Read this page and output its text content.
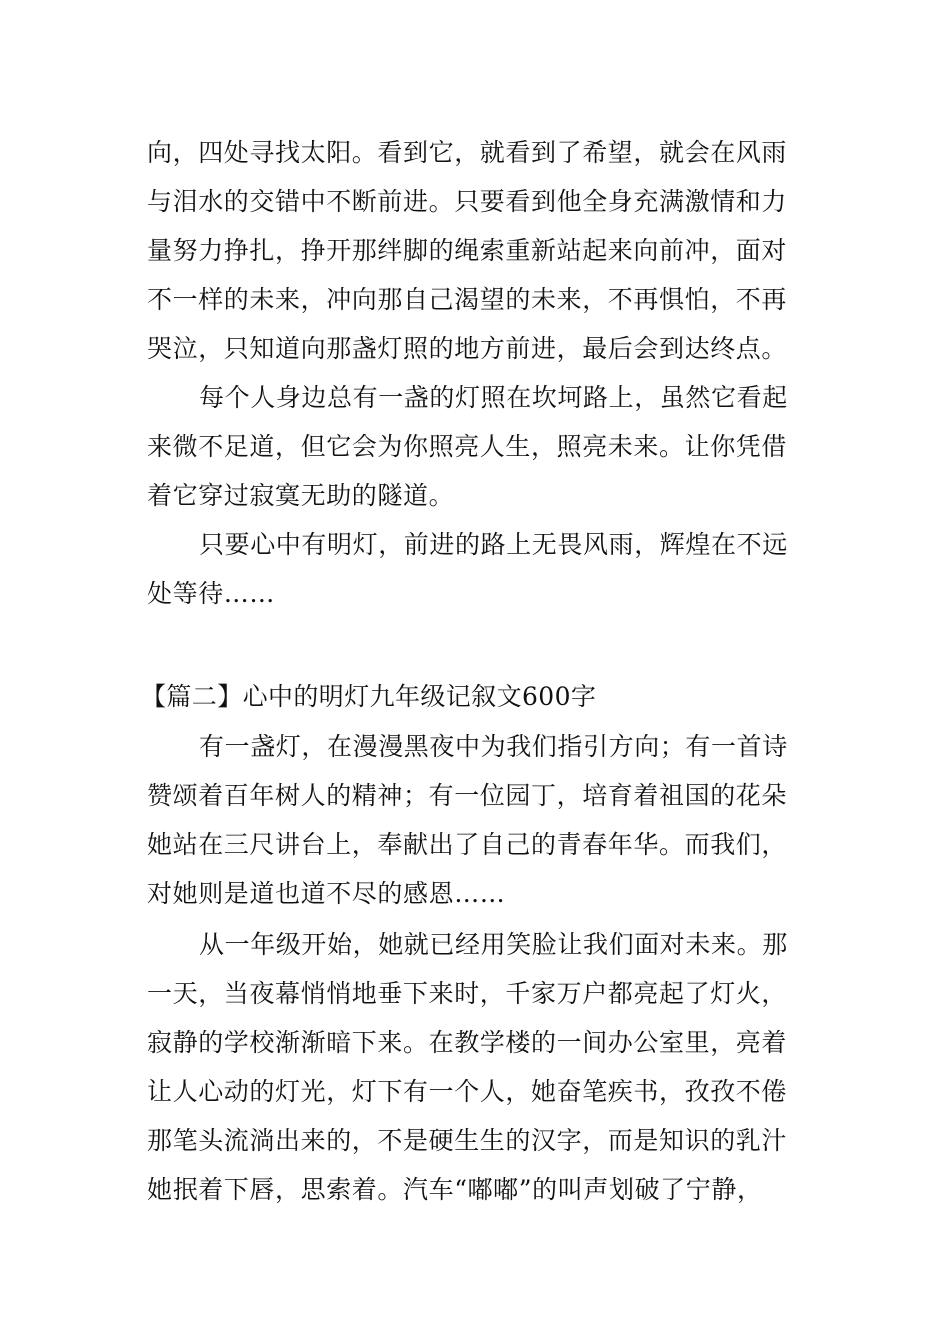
向，四处寻找太阳。看到它，就看到了希望，就会在风雨
与泪水的交错中不断前进。只要看到他全身充满激情和力
量努力挣扎，挣开那绊脚的绳索重新站起来向前冲，面对
不一样的未来，冲向那自己渴望的未来，不再惧怕，不再
哭泣，只知道向那盏灯照的地方前进，最后会到达终点。
每个人身边总有一盏的灯照在坎坷路上，虽然它看起
来微不足道，但它会为你照亮人生，照亮未来。让你凭借
着它穿过寂寞无助的隧道。
只要心中有明灯，前进的路上无畏风雨，辉煌在不远
处等待……
【篇二】心中的明灯九年级记叙文600字
有一盏灯，在漫漫黑夜中为我们指引方向；有一首诗
赞颂着百年树人的精神；有一位园丁，培育着祖国的花朵
她站在三尺讲台上，奉献出了自己的青春年华。而我们，
对她则是道也道不尽的感恩……
从一年级开始，她就已经用笑脸让我们面对未来。那
一天，当夜幕悄悄地垂下来时，千家万户都亮起了灯火，
寂静的学校渐渐暗下来。在教学楼的一间办公室里，亮着
让人心动的灯光，灯下有一个人，她奋笔疾书，孜孜不倦
那笔头流淌出来的，不是硬生生的汉字，而是知识的乳汁
她抿着下唇，思索着。汽车“嘟嘟”的叫声划破了宁静，
